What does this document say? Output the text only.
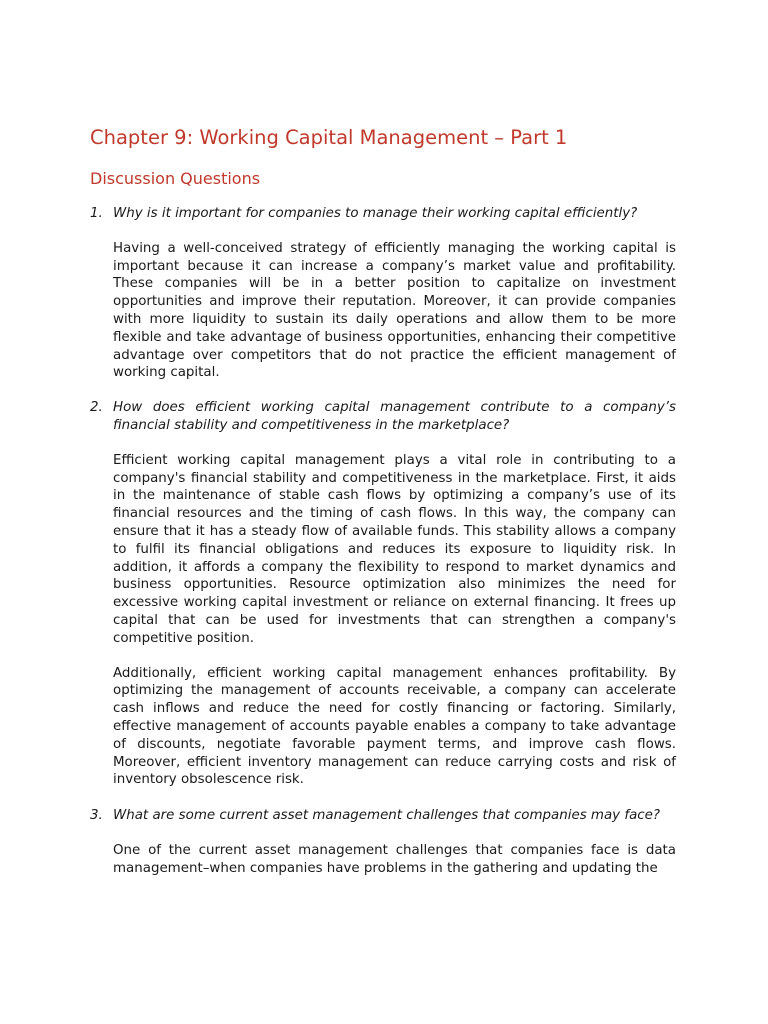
Chapter 9: Working Capital Management – Part 1
Discussion Questions
1. Why is it important for companies to manage their working capital efficiently?

Having a well-conceived strategy of efficiently managing the working capital is important because it can increase a company’s market value and profitability. These companies will be in a better position to capitalize on investment opportunities and improve their reputation. Moreover, it can provide companies with more liquidity to sustain its daily operations and allow them to be more flexible and take advantage of business opportunities, enhancing their competitive advantage over competitors that do not practice the efficient management of working capital.

2. How does efficient working capital management contribute to a company’s financial stability and competitiveness in the marketplace?

Efficient working capital management plays a vital role in contributing to a company's financial stability and competitiveness in the marketplace. First, it aids in the maintenance of stable cash flows by optimizing a company’s use of its financial resources and the timing of cash flows. In this way, the company can ensure that it has a steady flow of available funds. This stability allows a company to fulfil its financial obligations and reduces its exposure to liquidity risk. In addition, it affords a company the flexibility to respond to market dynamics and business opportunities. Resource optimization also minimizes the need for excessive working capital investment or reliance on external financing. It frees up capital that can be used for investments that can strengthen a company's competitive position.

Additionally, efficient working capital management enhances profitability. By optimizing the management of accounts receivable, a company can accelerate cash inflows and reduce the need for costly financing or factoring. Similarly, effective management of accounts payable enables a company to take advantage of discounts, negotiate favorable payment terms, and improve cash flows. Moreover, efficient inventory management can reduce carrying costs and risk of inventory obsolescence risk.

3. What are some current asset management challenges that companies may face?

One of the current asset management challenges that companies face is data management–when companies have problems in the gathering and updating the
